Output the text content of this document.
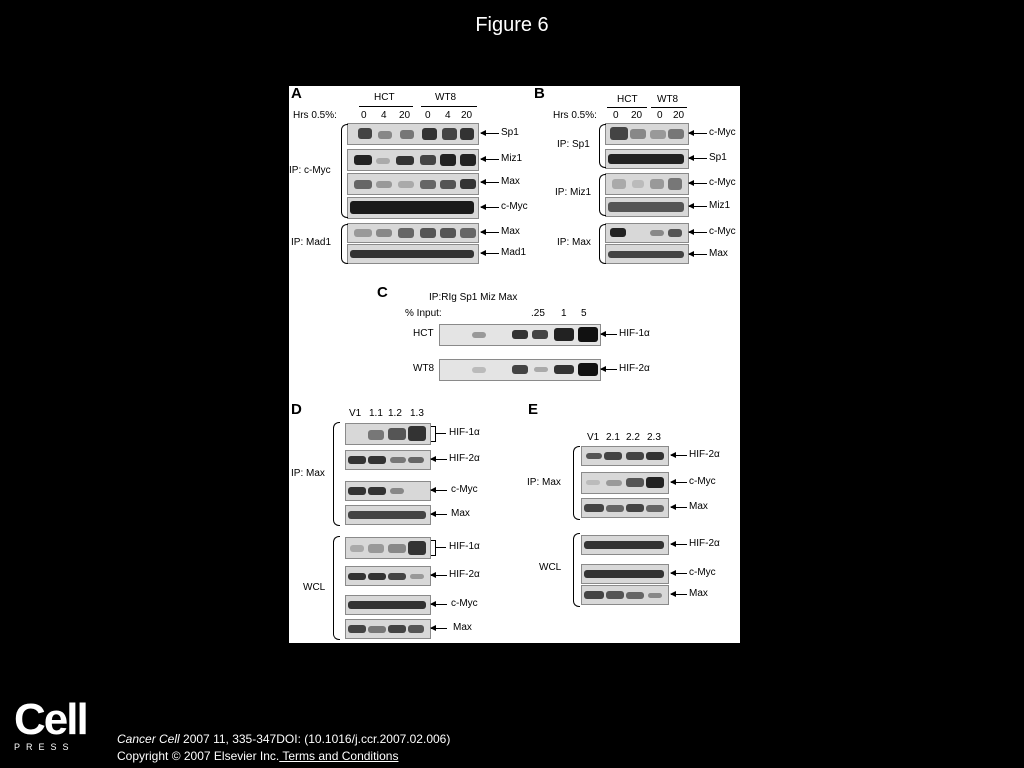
Figure 6
A	HCT	WT8
Hrs 0.5%: 0 4 20 0 4 20
Sp1
Miz1
Max
c-Myc
IP: c-Myc
Max
Mad1
IP: Mad1
B	HCT WT8
Hrs 0.5%: 0 20 0 20
c-Myc
Sp1
IP: Sp1
c-Myc
Miz1
IP: Miz1
c-Myc
Max
IP: Max
C	IP:RIg Sp1 Miz Max
% Input:	.25 1 5
HCT	HIF-1α
WT8	HIF-2α
D	V1 1.1 1.2 1.3
HIF-1α
HIF-2α
c-Myc
Max
IP: Max
HIF-1α
HIF-2α
c-Myc
Max
WCL
E
V1 2.1 2.2 2.3
HIF-2α
c-Myc
Max
IP: Max
HIF-2α
c-Myc
Max
WCL
Cell
PRESS
Cancer Cell 2007 11, 335-347DOI: (10.1016/j.ccr.2007.02.006)
Copyright © 2007 Elsevier Inc. Terms and Conditions
